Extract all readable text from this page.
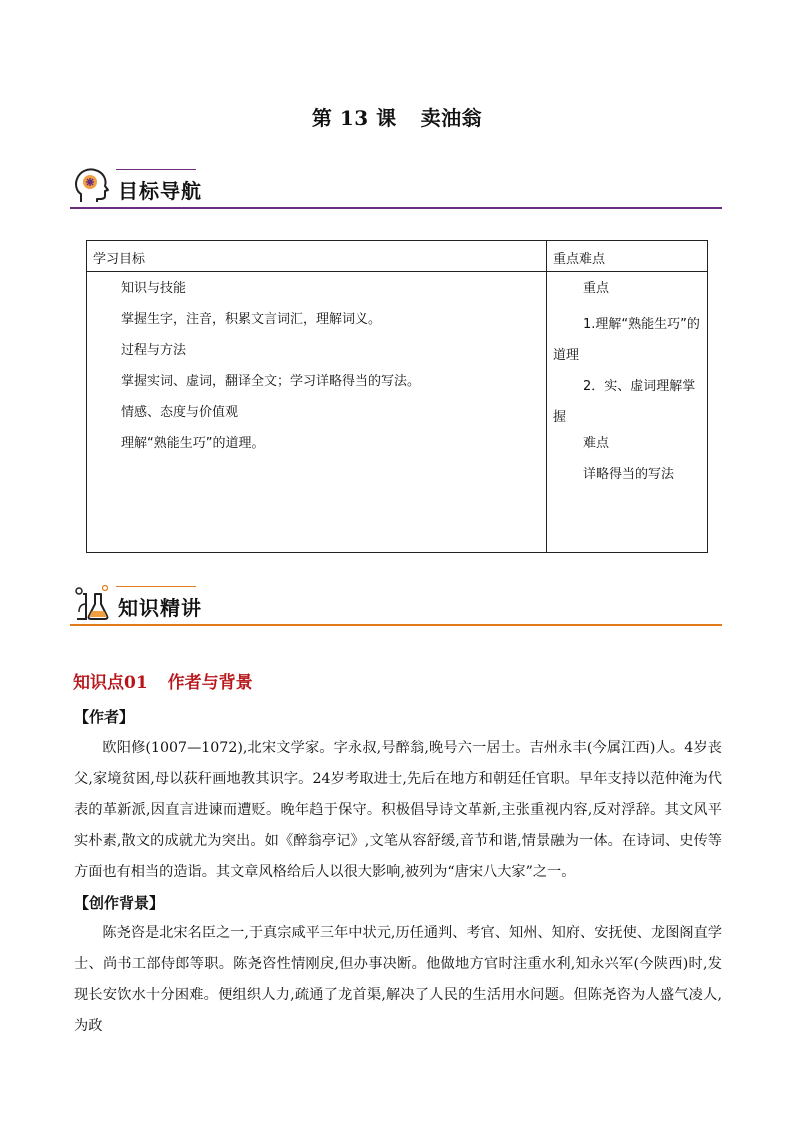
第 13 课 卖油翁
目标导航
学习目标	重点难点
知识与技能
掌握生字，注音，积累文言词汇，理解词义。
过程与方法
掌握实词、虚词，翻译全文；学习详略得当的写法。
情感、态度与价值观
理解“熟能生巧”的道理。
重点
1.理解“熟能生巧”的道理
2．实、虚词理解掌握
难点
详略得当的写法
知识精讲
知识点01 作者与背景
【作者】

欧阳修(1007—1072),北宋文学家。字永叔,号醉翁,晚号六一居士。吉州永丰(今属江西)人。4岁丧父,家境贫困,母以荻秆画地教其识字。24岁考取进士,先后在地方和朝廷任官职。早年支持以范仲淹为代表的革新派,因直言进谏而遭贬。晚年趋于保守。积极倡导诗文革新,主张重视内容,反对浮辞。其文风平实朴素,散文的成就尤为突出。如《醉翁亭记》,文笔从容舒缓,音节和谐,情景融为一体。在诗词、史传等方面也有相当的造诣。其文章风格给后人以很大影响,被列为“唐宋八大家”之一。

【创作背景】

陈尧咨是北宋名臣之一,于真宗咸平三年中状元,历任通判、考官、知州、知府、安抚使、龙图阁直学士、尚书工部侍郎等职。陈尧咨性情刚戾,但办事决断。他做地方官时注重水利,知永兴军(今陕西)时,发现长安饮水十分困难。便组织人力,疏通了龙首渠,解决了人民的生活用水问题。但陈尧咨为人盛气凌人,为政
